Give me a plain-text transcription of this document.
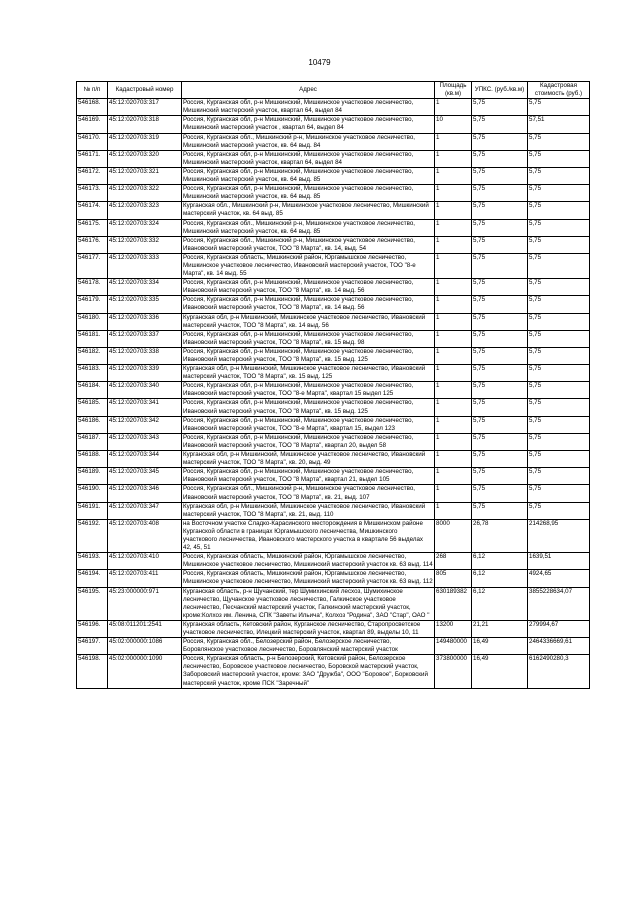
10479
№ п/п	Кадастровый номер	Адрес	Площадь (кв.м)	УПКС. (руб./кв.м)	Кадастровая стоимость (руб.)
546168.	45:12:020703:317	Россия, Курганская обл, р-н Мишкинский, Мишкинское участковое лесничество, Мишкинский мастерский участок, квартал 64, выдел 84	1	5,75	5,75
546169.	45:12:020703:318	Россия, Курганская обл, р-н Мишкинский, Мишкинское участковое лесничество, Мишкинский мастерский участок , квартал 64, выдел 84	10	5,75	57,51
546170.	45:12:020703:319	Россия, Курганская обл., Мишкинский р-н, Мишкинское участковое лесничество, Мишкинский мастерский участок, кв. 64 выд. 84	1	5,75	5,75
546171.	45:12:020703:320	Россия, Курганская обл, р-н Мишкинский, Мишкинское участковое лесничество, Мишкинский мастерский участок, квартал 64, выдел 84	1	5,75	5,75
546172.	45:12:020703:321	Россия, Курганская обл, р-н Мишкинский, Мишкинское участковое лесничество, Мишкинский мастерский участок, кв. 64 выд. 85	1	5,75	5,75
546173.	45:12:020703:322	Россия, Курганская обл, р-н Мишкинский, Мишкинское участковое лесничество, Мишкинский мастерский участок, кв. 64 выд. 85	1	5,75	5,75
546174.	45:12:020703:323	Курганская обл., Мишкинский р-н, Мишкинское участковое лесничество, Мишкинский мастерский участок, кв. 64 выд. 85	1	5,75	5,75
546175.	45:12:020703:324	Россия, Курганская обл., Мишкинский р-н, Мишкинское участковое лесничество, Мишкинский мастерский участок, кв. 64 выд. 85	1	5,75	5,75
546176.	45:12:020703:332	Россия, Курганская обл., Мишкинский р-н, Мишкинское участковое лесничество, Ивановский мастерский участок, ТОО "8 Марта", кв. 14, выд. 54	1	5,75	5,75
546177.	45:12:020703:333	Россия, Курганская область, Мишкинский район, Юргамышское лесничество, Мишкинское участковое лесничество, Ивановский мастерский участок, ТОО "8-е Марта", кв. 14 выд. 55	1	5,75	5,75
546178.	45:12:020703:334	Россия, Курганская обл, р-н Мишкинский, Мишкинское участковое лесничество, Ивановский мастерский участок, ТОО "8 Марта", кв. 14 выд. 56	1	5,75	5,75
546179.	45:12:020703:335	Россия, Курганская обл, р-н Мишкинский, Мишкинское участковое лесничество, Ивановский мастерский участок, ТОО "8 Марта", кв. 14 выд. 56	1	5,75	5,75
546180.	45:12:020703:336	Курганская обл, р-н Мишкинский, Мишкинское участковое лесничество, Ивановский мастерский участок, ТОО "8 Марта", кв. 14 выд. 56	1	5,75	5,75
546181.	45:12:020703:337	Россия, Курганская обл, р-н Мишкинский, Мишкинское участковое лесничество, Ивановский мастерский участок, ТОО "8 Марта", кв. 15 выд. 98	1	5,75	5,75
546182.	45:12:020703:338	Россия, Курганская обл, р-н Мишкинский, Мишкинское участковое лесничество, Ивановский мастерский участок, ТОО "8 Марта", кв. 15 выд. 125	1	5,75	5,75
546183.	45:12:020703:339	Курганская обл, р-н Мишкинский, Мишкинское участковое лесничество, Ивановский мастерский участок, ТОО "8 Марта", кв. 15 выд. 125	1	5,75	5,75
546184.	45:12:020703:340	Россия, Курганская обл, р-н Мишкинский, Мишкинское участковое лесничество, Ивановский мастерский участок, ТОО "8-е Марта", квартал 15 выдел 125	1	5,75	5,75
546185.	45:12:020703:341	Россия, Курганская обл, р-н Мишкинский, Мишкинское участковое лесничество, Ивановский мастерский участок, ТОО "8 Марта", кв. 15 выд. 125	1	5,75	5,75
546186.	45:12:020703:342	Россия, Курганская обл, р-н Мишкинский, Мишкинское участковое лесничество, Ивановский мастерский участок, ТОО "8-е Марта", квартал 15, выдел 123	1	5,75	5,75
546187.	45:12:020703:343	Россия, Курганская обл, р-н Мишкинский, Мишкинское участковое лесничество, Ивановский мастерский участок, ТОО "8 Марта", квартал 20, выдел 58	1	5,75	5,75
546188.	45:12:020703:344	Курганская обл, р-н Мишкинский, Мишкинское участковое лесничество, Ивановский мастерский участок, ТОО "8 Марта", кв. 20, выд. 49	1	5,75	5,75
546189.	45:12:020703:345	Россия, Курганская обл, р-н Мишкинский, Мишкинское участковое лесничество, Ивановский мастерский участок, ТОО "8 Марта", квартал 21, выдел 105	1	5,75	5,75
546190.	45:12:020703:346	Россия, Курганская обл., Мишкинский р-н, Мишкинское участковое лесничество, Ивановский мастерский участок, ТОО "8 Марта", кв. 21, выд. 107	1	5,75	5,75
546191.	45:12:020703:347	Курганская обл, р-н Мишкинский, Мишкинское участковое лесничество, Ивановский мастерский участок, ТОО "8 Марта", кв. 21, выд. 110	1	5,75	5,75
546192.	45:12:020703:408	на Восточном участке Сладко-Карасинского месторождения в Мишкинском районе Курганской области в границах Юргамышского лесничества, Мишкинского участкового лесничества, Ивановского мастерского участка в квартале 56 выделах 42, 45, 51	8000	26,78	214268,95
546193.	45:12:020703:410	Россия, Курганская область, Мишкинский район, Юргамышское лесничество, Мишкинское участковое лесничество, Мишкинский мастерский участок кв. 63 выд. 114	268	6,12	1639,51
546194.	45:12:020703:411	Россия, Курганская область, Мишкинский район, Юргамышское лесничество, Мишкинское участковое лесничество, Мишкинский мастерский участок кв. 63 выд. 112	805	6,12	4924,65
546195.	45:23:000000:971	Курганская область, р-н Щучанский, тер Шумихинский лесхоз, Шумихинское лесничество, Щучанское участковое лесничество, Галкинское участковое лесничество, Песчанский мастерский участок, Галкинский мастерский участок, кроме:Колхоз им. Ленина, СПК "Заветы Ильича", Колхоз "Родина", ЗАО "Стар", ОАО "	630189382	6,12	3855228634,07
546196.	45:08:011201:2541	Курганская область, Кетовский район, Курганское лесничество, Старопросветское участковое лесничество, Илецкий мастерский участок, квартал 89, выделы 10, 11	13200	21,21	279994,67
546197.	45:02:000000:1086	Россия, Курганская обл., Белозерский район, Белозерское лесничество, Боровлянское участковое лесничество, Боровлянский мастерский участок	149480000	16,49	2464336669,61
546198.	45:02:000000:1090	Россия, Курганская область, р-н Белозерский, Кетовский район, Белозерское лесничество, Боровское участковое лесничество, Боровской мастерский участок, Заборовский мастерский участок, кроме: ЗАО "Дружба", ООО "Боровое", Борковский мастерский участок, кроме ПСК "Заречный"	373800000	16,49	6162490280,3
